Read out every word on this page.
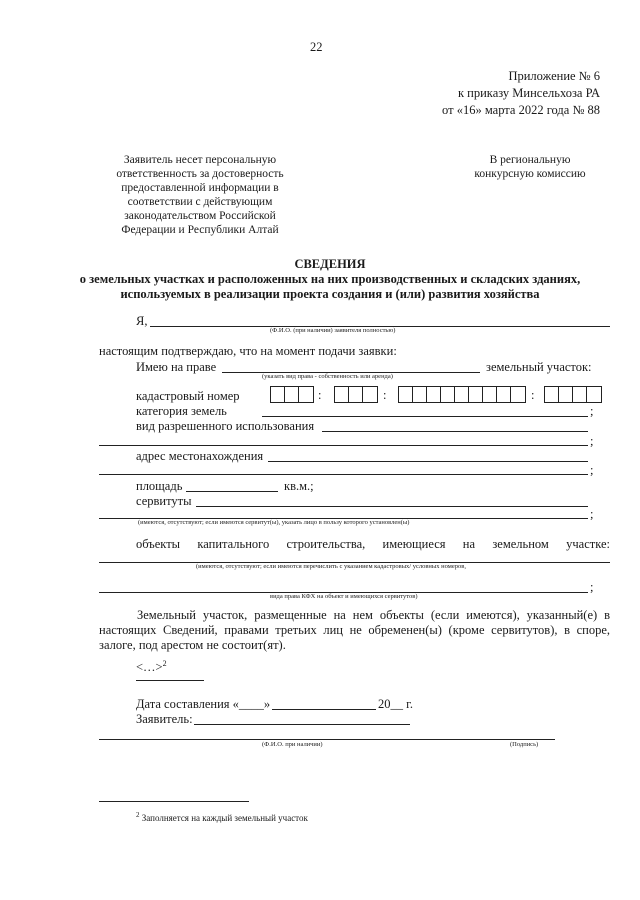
22
Приложение № 6
к приказу Минсельхоза РА
от «16» марта 2022 года № 88
Заявитель несет персональную
ответственность за достоверность
предоставленной информации в
соответствии с действующим
законодательством Российской
Федерации и Республики Алтай
В региональную
конкурсную комиссию
СВЕДЕНИЯ
о земельных участках и расположенных на них производственных и складских зданиях,
используемых в реализации проекта создания и (или) развития хозяйства
Я,
(Ф.И.О. (при наличии) заявителя полностью)
настоящим подтверждаю, что на момент подачи заявки:
Имею на праве	земельный участок:
(указать вид права - собственность или аренда)
кадастровый номер	:	:	:
категория земель	;
вид разрешенного использования
;
адрес местонахождения
;
площадь	кв.м.;
сервитуты
;
(имеются, отсутствуют; если имеются сервитут(ы), указать лицо в пользу которого установлен(ы)
объекты капитального строительства, имеющиеся на земельном участке:
(имеются, отсутствуют; если имеются перечислить с указанием кадастровых/ условных номеров,
;
вида права КФХ на объект и имеющихся сервитутов)
Земельный участок, размещенные на нем объекты (если имеются), указанный(е) в
настоящих Сведений, правами третьих лиц не обременен(ы) (кроме сервитутов), в споре,
залоге, под арестом не состоит(ят).
<…>$^2$
Дата составления «____»	20__ г.
Заявитель:
(Ф.И.О. при наличии)	(Подпись)
$^2$ Заполняется на каждый земельный участок
